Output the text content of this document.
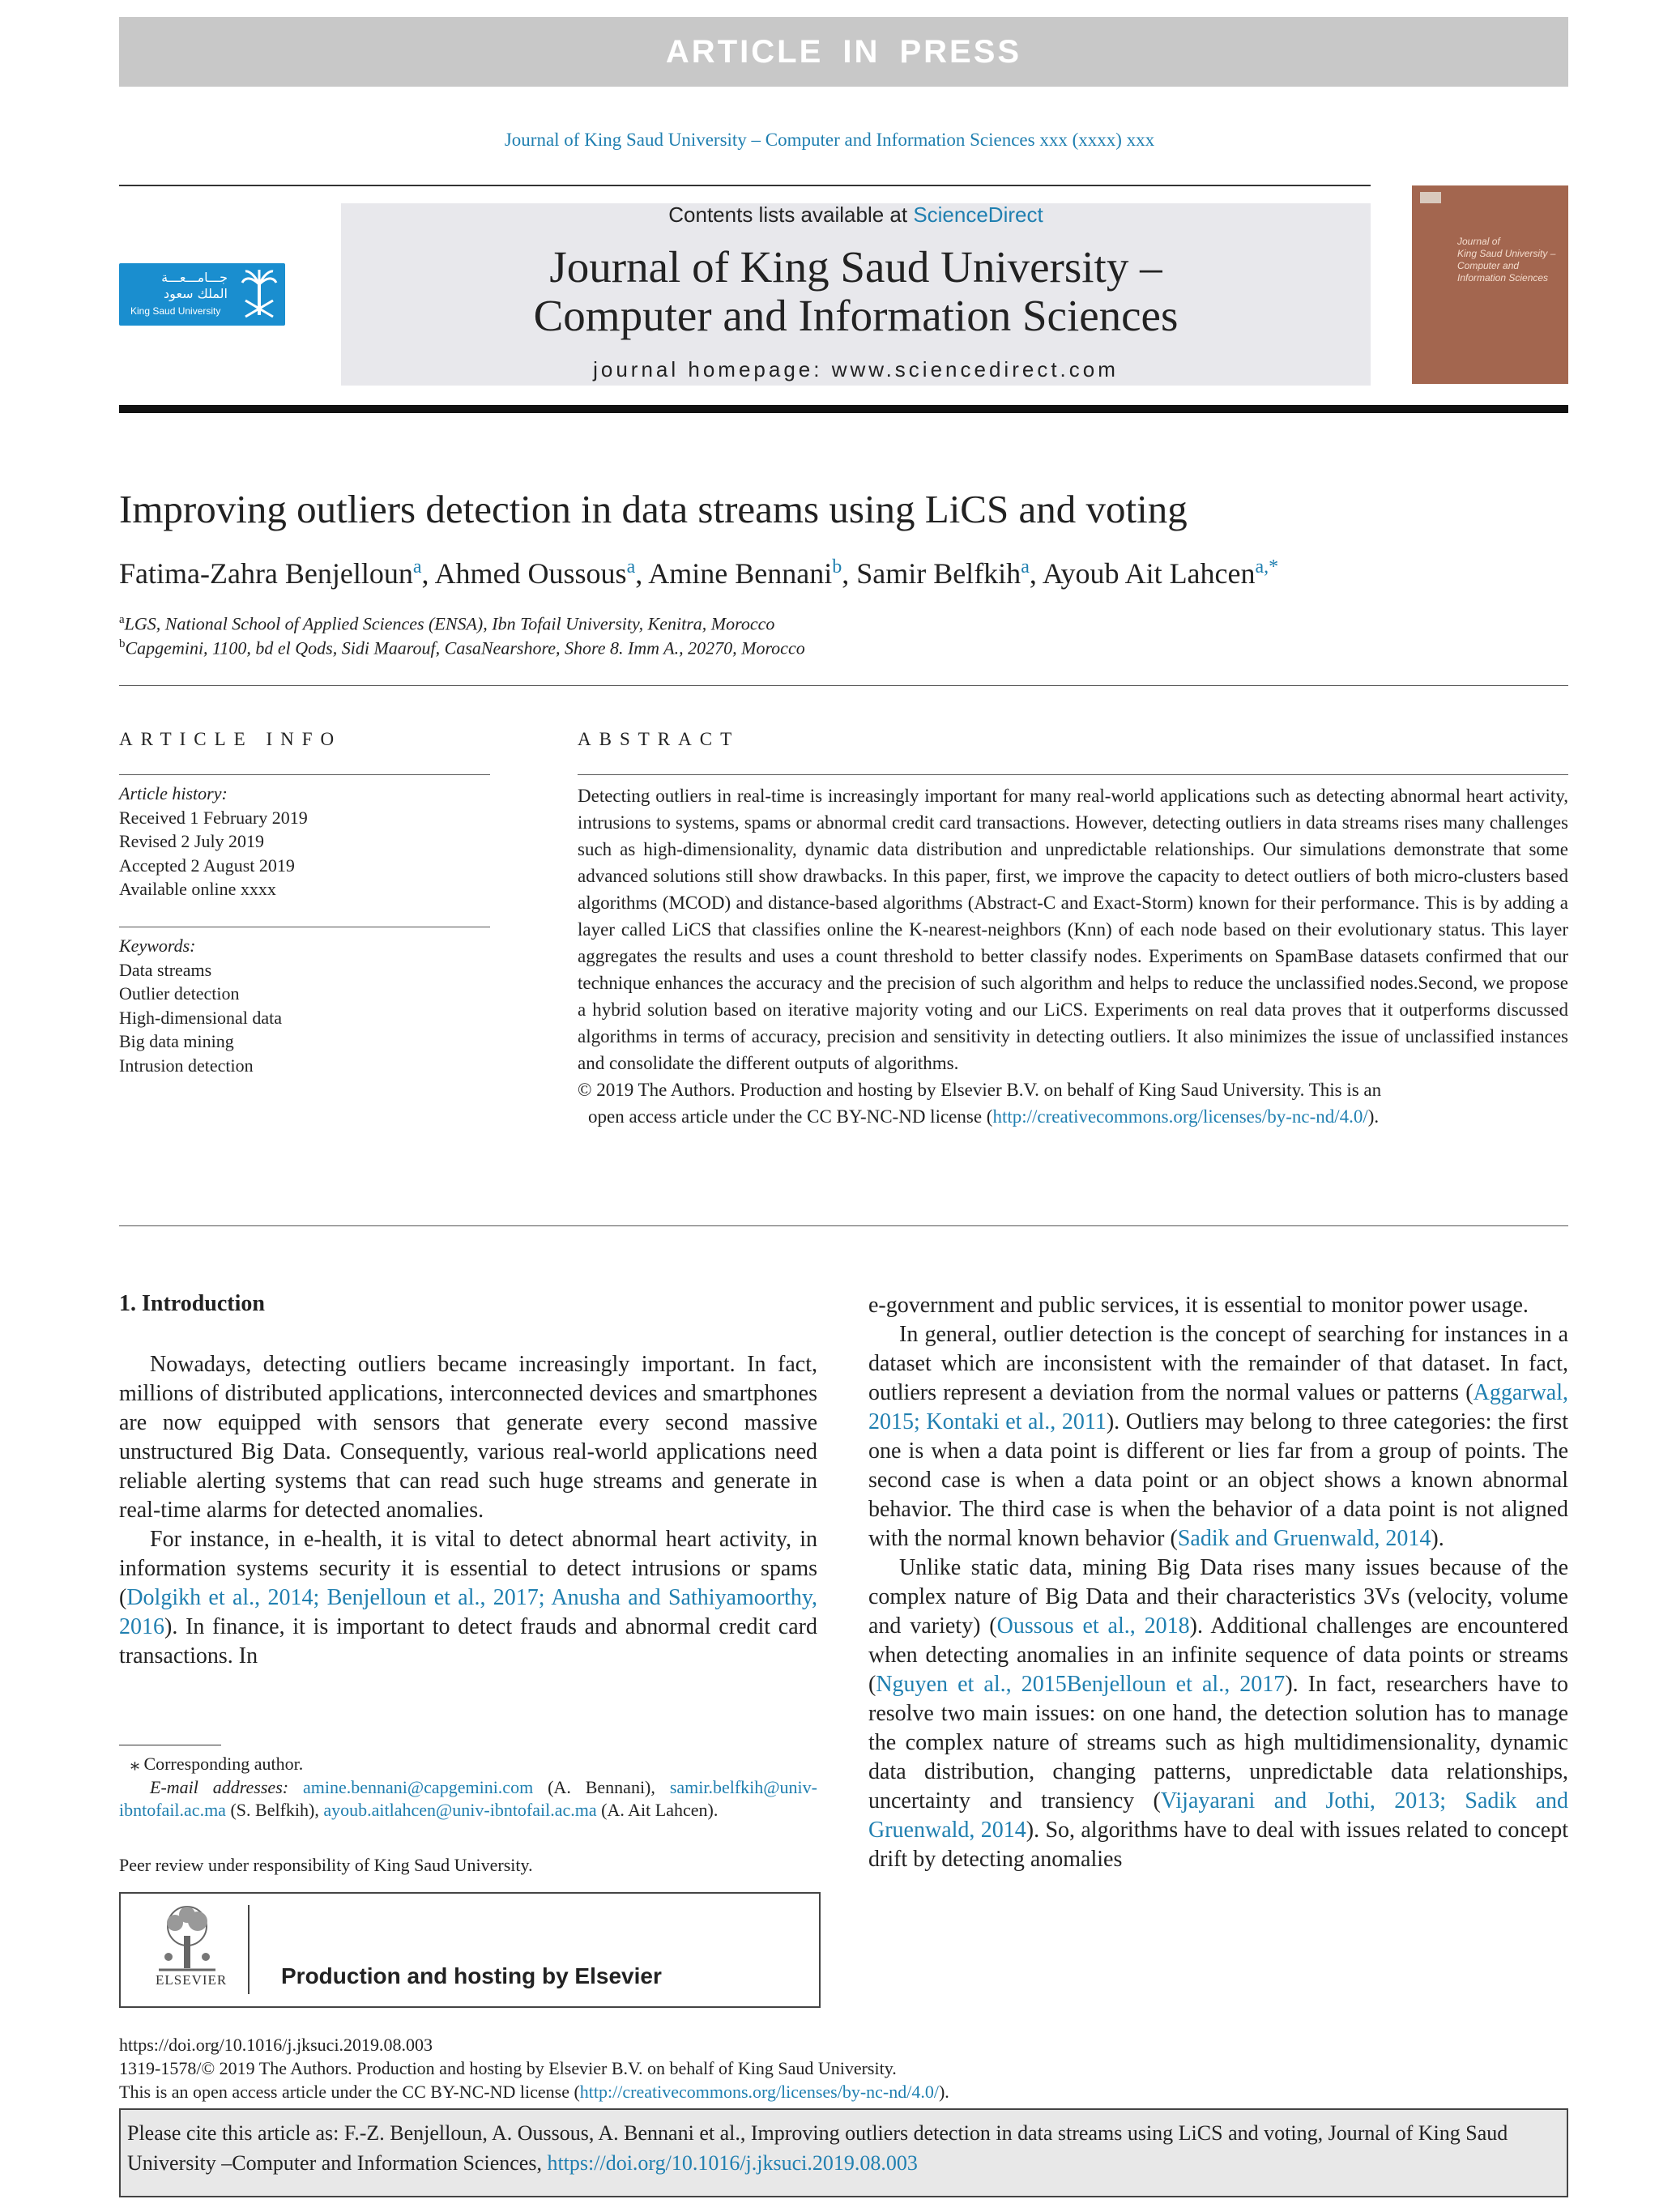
ARTICLE IN PRESS
Journal of King Saud University – Computer and Information Sciences xxx (xxxx) xxx
جـــامـــعـــة الملك سعود
King Saud University
Contents lists available at ScienceDirect
Journal of King Saud University –
Computer and Information Sciences
journal homepage: www.sciencedirect.com
Journal of
King Saud University –
Computer and
Information Sciences
Improving outliers detection in data streams using LiCS and voting
Fatima-Zahra Benjelloun$^a$, Ahmed Oussous$^a$, Amine Bennani$^b$, Samir Belfkih$^a$, Ayoub Ait Lahcen$^{a,*}$
$^a$LGS, National School of Applied Sciences (ENSA), Ibn Tofail University, Kenitra, Morocco
$^b$Capgemini, 1100, bd el Qods, Sidi Maarouf, CasaNearshore, Shore 8. Imm A., 20270, Morocco
ARTICLE INFO
Article history:
Received 1 February 2019
Revised 2 July 2019
Accepted 2 August 2019
Available online xxxx
Keywords:
Data streams
Outlier detection
High-dimensional data
Big data mining
Intrusion detection
ABSTRACT

Detecting outliers in real-time is increasingly important for many real-world applications such as detecting abnormal heart activity, intrusions to systems, spams or abnormal credit card transactions. However, detecting outliers in data streams rises many challenges such as high-dimensionality, dynamic data distribution and unpredictable relationships. Our simulations demonstrate that some advanced solutions still show drawbacks. In this paper, first, we improve the capacity to detect outliers of both micro-clusters based algorithms (MCOD) and distance-based algorithms (Abstract-C and Exact-Storm) known for their performance. This is by adding a layer called LiCS that classifies online the K-nearest-neighbors (Knn) of each node based on their evolutionary status. This layer aggregates the results and uses a count threshold to better classify nodes. Experiments on SpamBase datasets confirmed that our technique enhances the accuracy and the precision of such algorithm and helps to reduce the unclassified nodes.Second, we propose a hybrid solution based on iterative majority voting and our LiCS. Experiments on real data proves that it outperforms discussed algorithms in terms of accuracy, precision and sensitivity in detecting outliers. It also minimizes the issue of unclassified instances and consolidate the different outputs of algorithms.

© 2019 The Authors. Production and hosting by Elsevier B.V. on behalf of King Saud University. This is an

open access article under the CC BY-NC-ND license (http://creativecommons.org/licenses/by-nc-nd/4.0/).

1. Introduction

Nowadays, detecting outliers became increasingly important. In fact, millions of distributed applications, interconnected devices and smartphones are now equipped with sensors that generate every second massive unstructured Big Data. Consequently, various real-world applications need reliable alerting systems that can read such huge streams and generate in real-time alarms for detected anomalies.

For instance, in e-health, it is vital to detect abnormal heart activity, in information systems security it is essential to detect intrusions or spams (Dolgikh et al., 2014; Benjelloun et al., 2017; Anusha and Sathiyamoorthy, 2016). In finance, it is important to detect frauds and abnormal credit card transactions. In

e-government and public services, it is essential to monitor power usage.

In general, outlier detection is the concept of searching for instances in a dataset which are inconsistent with the remainder of that dataset. In fact, outliers represent a deviation from the normal values or patterns (Aggarwal, 2015; Kontaki et al., 2011). Outliers may belong to three categories: the first one is when a data point is different or lies far from a group of points. The second case is when a data point or an object shows a known abnormal behavior. The third case is when the behavior of a data point is not aligned with the normal known behavior (Sadik and Gruenwald, 2014).

Unlike static data, mining Big Data rises many issues because of the complex nature of Big Data and their characteristics 3Vs (velocity, volume and variety) (Oussous et al., 2018). Additional challenges are encountered when detecting anomalies in an infinite sequence of data points or streams (Nguyen et al., 2015Benjelloun et al., 2017). In fact, researchers have to resolve two main issues: on one hand, the detection solution has to manage the complex nature of streams such as high multidimensionality, dynamic data distribution, changing patterns, unpredictable data relationships, uncertainty and transiency (Vijayarani and Jothi, 2013; Sadik and Gruenwald, 2014). So, algorithms have to deal with issues related to concept drift by detecting anomalies

⁎ Corresponding author.
E-mail addresses: amine.bennani@capgemini.com (A. Bennani), samir.belfkih@univ-ibntofail.ac.ma (S. Belfkih), ayoub.aitlahcen@univ-ibntofail.ac.ma (A. Ait Lahcen).
Peer review under responsibility of King Saud University.
ELSEVIER Production and hosting by Elsevier
https://doi.org/10.1016/j.jksuci.2019.08.003
1319-1578/© 2019 The Authors. Production and hosting by Elsevier B.V. on behalf of King Saud University.
This is an open access article under the CC BY-NC-ND license (http://creativecommons.org/licenses/by-nc-nd/4.0/).
Please cite this article as: F.-Z. Benjelloun, A. Oussous, A. Bennani et al., Improving outliers detection in data streams using LiCS and voting, Journal of King Saud University –Computer and Information Sciences, https://doi.org/10.1016/j.jksuci.2019.08.003
